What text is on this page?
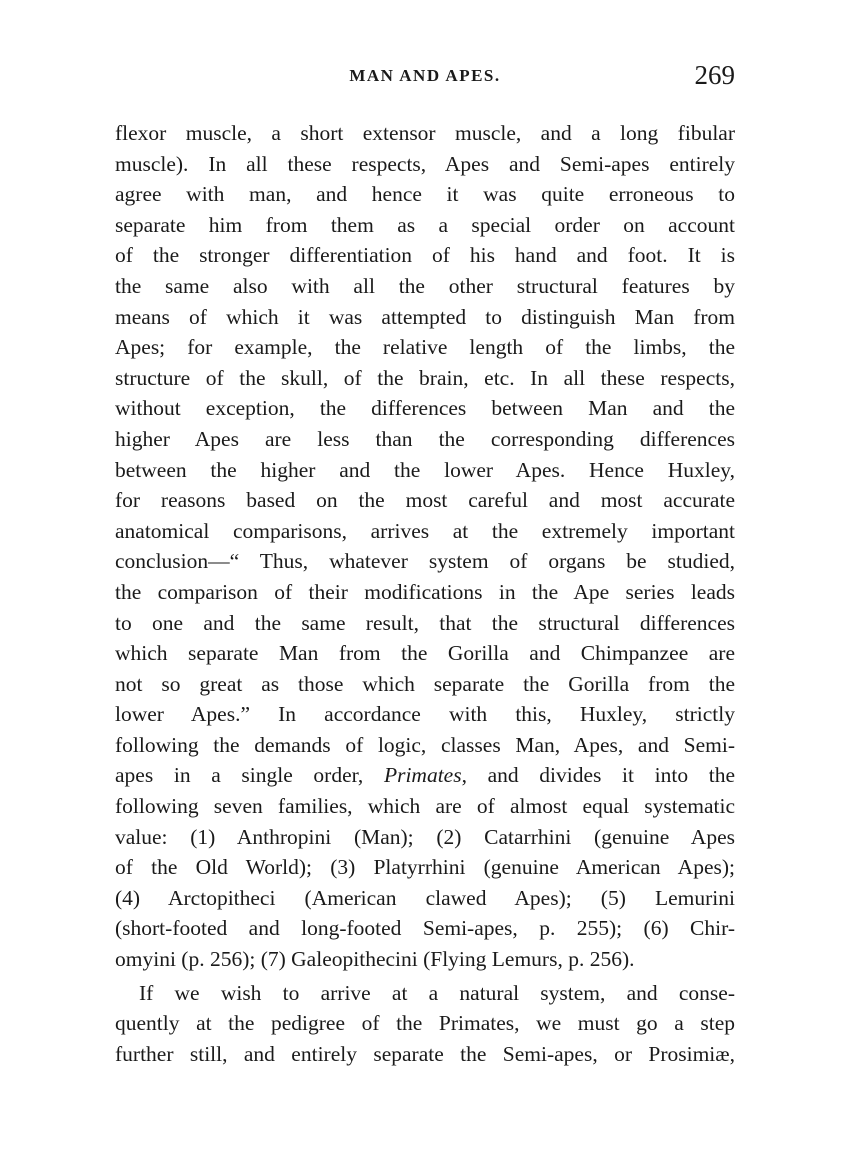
MAN AND APES.	269
flexor muscle, a short extensor muscle, and a long fibular
muscle). In all these respects, Apes and Semi-apes entirely
agree with man, and hence it was quite erroneous to
separate him from them as a special order on account
of the stronger differentiation of his hand and foot. It is
the same also with all the other structural features by
means of which it was attempted to distinguish Man from
Apes; for example, the relative length of the limbs, the
structure of the skull, of the brain, etc. In all these respects,
without exception, the differences between Man and the
higher Apes are less than the corresponding differences
between the higher and the lower Apes. Hence Huxley,
for reasons based on the most careful and most accurate
anatomical comparisons, arrives at the extremely important
conclusion—“ Thus, whatever system of organs be studied,
the comparison of their modifications in the Ape series leads
to one and the same result, that the structural differences
which separate Man from the Gorilla and Chimpanzee are
not so great as those which separate the Gorilla from the
lower Apes.” In accordance with this, Huxley, strictly
following the demands of logic, classes Man, Apes, and Semi-
apes in a single order, Primates, and divides it into the
following seven families, which are of almost equal systematic
value: (1) Anthropini (Man); (2) Catarrhini (genuine Apes
of the Old World); (3) Platyrrhini (genuine American Apes);
(4) Arctopitheci (American clawed Apes); (5) Lemurini
(short-footed and long-footed Semi-apes, p. 255); (6) Chir-
omyini (p. 256); (7) Galeopithecini (Flying Lemurs, p. 256).
If we wish to arrive at a natural system, and conse-
quently at the pedigree of the Primates, we must go a step
further still, and entirely separate the Semi-apes, or Prosimiæ,
